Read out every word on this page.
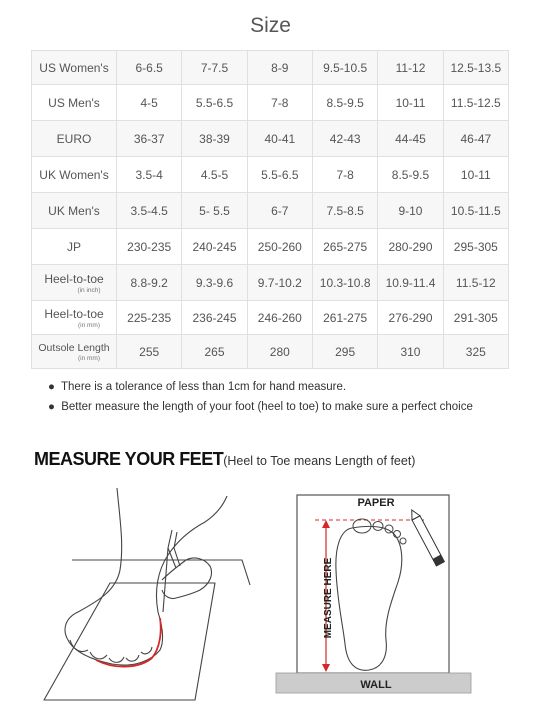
Size
US Women's	6-6.5	7-7.5	8-9	9.5-10.5	11-12	12.5-13.5

US Men's	4-5	5.5-6.5	7-8	8.5-9.5	10-11	11.5-12.5

EURO	36-37	38-39	40-41	42-43	44-45	46-47

UK Women's	3.5-4	4.5-5	5.5-6.5	7-8	8.5-9.5	10-11

UK Men's	3.5-4.5	5- 5.5	6-7	7.5-8.5	9-10	10.5-11.5

JP	230-235	240-245	250-260	265-275	280-290	295-305

Heel-to-toe
(in inch)	8.8-9.2	9.3-9.6	9.7-10.2	10.3-10.8	10.9-11.4	11.5-12

Heel-to-toe
(in mm)	225-235	236-245	246-260	261-275	276-290	291-305

Outsole Length
(in mm)	255	265	280	295	310	325
● There is a tolerance of less than 1cm for hand measure.
● Better measure the length of your foot (heel to toe) to make sure a perfect choice
MEASURE YOUR FEET(Heel to Toe means Length of feet)
PAPER
WALL
MEASURE HERE
